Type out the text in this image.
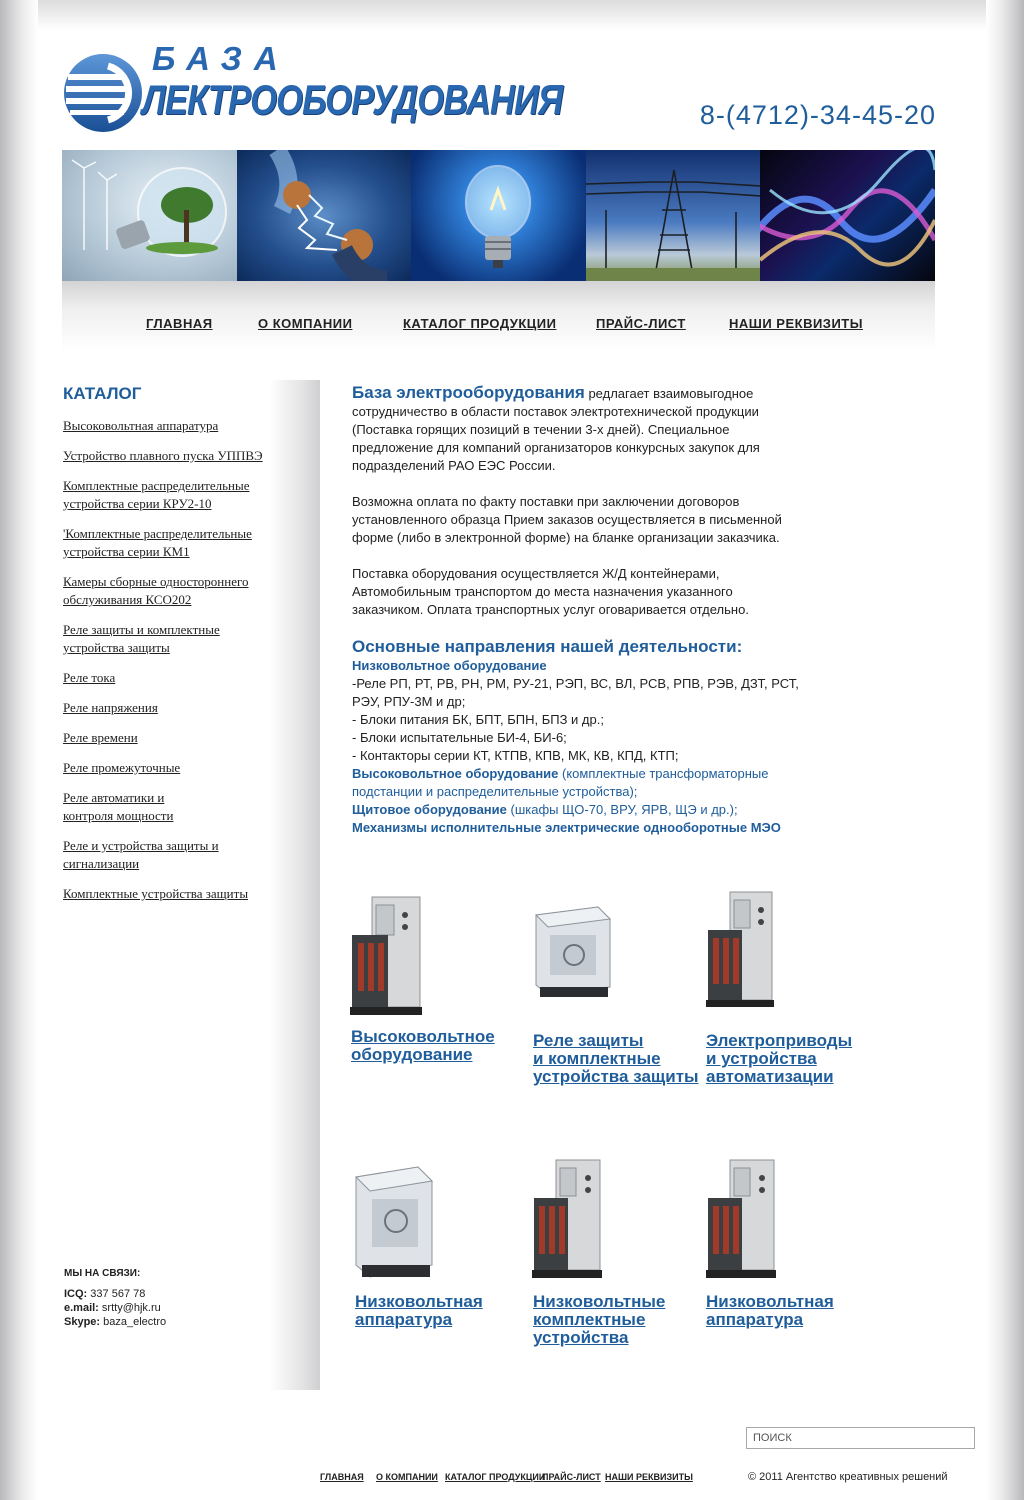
БАЗА
ЛЕКТРООБОРУДОВАНИЯ	8-(4712)-34-45-20
ГЛАВНАЯ	О КОМПАНИИ	КАТАЛОГ ПРОДУКЦИИ	ПРАЙС-ЛИСТ	НАШИ РЕКВИЗИТЫ
КАТАЛОГ
Высоковольтная аппаратура
Устройство плавного пуска УППВЭ
Комплектные распределительные устройства серии КРУ2-10
'Комплектные распределительные устройства серии КМ1
Камеры сборные одностороннего обслуживания КСО202
Реле защиты и комплектные устройства защиты
Реле тока
Реле напряжения
Реле времени
Реле промежуточные
Реле автоматики и контроля мощности
Реле и устройства защиты и сигнализации
Комплектные устройства защиты
МЫ НА СВЯЗИ:
ICQ: 337 567 78
e.mail: srtty@hjk.ru
Skype: baza_electro

База электрооборудования редлагает взаимовыгодное сотрудничество в области поставок электротехнической продукции (Поставка горящих позиций в течении 3-х дней). Специальное предложение для компаний организаторов конкурсных закупок для подразделений РАО ЕЭС России.

Возможна оплата по факту поставки при заключении договоров установленного образца Прием заказов осуществляется в письменной форме (либо в электронной форме) на бланке организации заказчика.

Поставка оборудования осуществляется Ж/Д контейнерами, Автомобильным транспортом до места назначения указанного заказчиком. Оплата транспортных услуг оговаривается отдельно.

Основные направления нашей деятельности:
Низковольтное оборудование
-Реле РП, РТ, РВ, РН, РМ, РУ-21, РЭП, ВС, ВЛ, РСВ, РПВ, РЭВ, ДЗТ, РСТ, РЭУ, РПУ-3М и др;
- Блоки питания БК, БПТ, БПН, БПЗ и др.;
- Блоки испытательные БИ-4, БИ-6;
- Контакторы серии КТ, КТПВ, КПВ, МК, КВ, КПД, КТП;
Высоковольтное оборудование (комплектные трансформаторные подстанции и распределительные устройства);
Щитовое оборудование (шкафы ЩО-70, ВРУ, ЯРВ, ЩЭ и др.);
Механизмы исполнительные электрические однооборотные МЭО
Высоковольтное
оборудование
Реле защиты
и комплектные
устройства защиты
Электроприводы
и устройства
автоматизации
Низковольтная
аппаратура
Низковольтные
комплектные
устройства
Низковольтная
аппаратура
ПОИСК
ГЛАВНАЯ О КОМПАНИИ КАТАЛОГ ПРОДУКЦИИ
ПРАЙС-ЛИСТ НАШИ РЕКВИЗИТЫ	© 2011 Агентство креативных решений
